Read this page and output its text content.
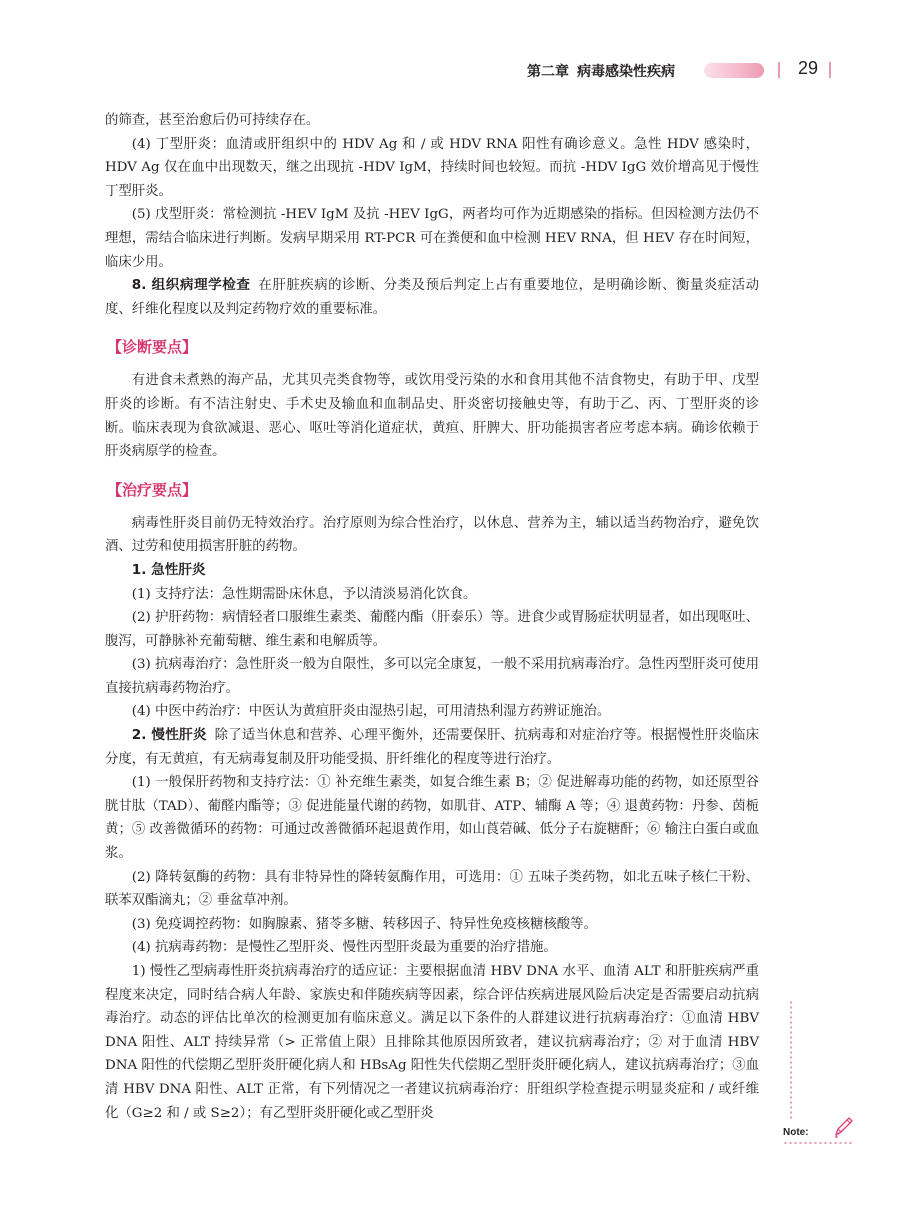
第二章 病毒感染性疾病	29

的筛查，甚至治愈后仍可持续存在。

(4) 丁型肝炎：血清或肝组织中的 HDV Ag 和 / 或 HDV RNA 阳性有确诊意义。急性 HDV 感染时，HDV Ag 仅在血中出现数天，继之出现抗 -HDV IgM，持续时间也较短。而抗 -HDV IgG 效价增高见于慢性丁型肝炎。

(5) 戊型肝炎：常检测抗 -HEV IgM 及抗 -HEV IgG，两者均可作为近期感染的指标。但因检测方法仍不理想，需结合临床进行判断。发病早期采用 RT-PCR 可在粪便和血中检测 HEV RNA，但 HEV 存在时间短，临床少用。

8. 组织病理学检查 在肝脏疾病的诊断、分类及预后判定上占有重要地位，是明确诊断、衡量炎症活动度、纤维化程度以及判定药物疗效的重要标准。

【诊断要点】

有进食未煮熟的海产品，尤其贝壳类食物等，或饮用受污染的水和食用其他不洁食物史，有助于甲、戊型肝炎的诊断。有不洁注射史、手术史及输血和血制品史、肝炎密切接触史等，有助于乙、丙、丁型肝炎的诊断。临床表现为食欲减退、恶心、呕吐等消化道症状，黄疸、肝脾大、肝功能损害者应考虑本病。确诊依赖于肝炎病原学的检查。

【治疗要点】

病毒性肝炎目前仍无特效治疗。治疗原则为综合性治疗，以休息、营养为主，辅以适当药物治疗，避免饮酒、过劳和使用损害肝脏的药物。

1. 急性肝炎

(1) 支持疗法：急性期需卧床休息，予以清淡易消化饮食。

(2) 护肝药物：病情轻者口服维生素类、葡醛内酯（肝泰乐）等。进食少或胃肠症状明显者，如出现呕吐、腹泻，可静脉补充葡萄糖、维生素和电解质等。

(3) 抗病毒治疗：急性肝炎一般为自限性，多可以完全康复，一般不采用抗病毒治疗。急性丙型肝炎可使用直接抗病毒药物治疗。

(4) 中医中药治疗：中医认为黄疸肝炎由湿热引起，可用清热利湿方药辨证施治。

2. 慢性肝炎 除了适当休息和营养、心理平衡外，还需要保肝、抗病毒和对症治疗等。根据慢性肝炎临床分度，有无黄疸，有无病毒复制及肝功能受损、肝纤维化的程度等进行治疗。

(1) 一般保肝药物和支持疗法：① 补充维生素类，如复合维生素 B；② 促进解毒功能的药物，如还原型谷胱甘肽（TAD）、葡醛内酯等；③ 促进能量代谢的药物，如肌苷、ATP、辅酶 A 等；④ 退黄药物：丹参、茵栀黄；⑤ 改善微循环的药物：可通过改善微循环起退黄作用，如山莨菪碱、低分子右旋糖酐；⑥ 输注白蛋白或血浆。

(2) 降转氨酶的药物：具有非特异性的降转氨酶作用，可选用：① 五味子类药物，如北五味子核仁干粉、联苯双酯滴丸；② 垂盆草冲剂。

(3) 免疫调控药物：如胸腺素、猪苓多糖、转移因子、特异性免疫核糖核酸等。

(4) 抗病毒药物：是慢性乙型肝炎、慢性丙型肝炎最为重要的治疗措施。

1) 慢性乙型病毒性肝炎抗病毒治疗的适应证：主要根据血清 HBV DNA 水平、血清 ALT 和肝脏疾病严重程度来决定，同时结合病人年龄、家族史和伴随疾病等因素，综合评估疾病进展风险后决定是否需要启动抗病毒治疗。动态的评估比单次的检测更加有临床意义。满足以下条件的人群建议进行抗病毒治疗：①血清 HBV DNA 阳性、ALT 持续异常（> 正常值上限）且排除其他原因所致者，建议抗病毒治疗；② 对于血清 HBV DNA 阳性的代偿期乙型肝炎肝硬化病人和 HBsAg 阳性失代偿期乙型肝炎肝硬化病人，建议抗病毒治疗；③血清 HBV DNA 阳性、ALT 正常，有下列情况之一者建议抗病毒治疗：肝组织学检查提示明显炎症和 / 或纤维化（G≥2 和 / 或 S≥2）；有乙型肝炎肝硬化或乙型肝炎

Note:
